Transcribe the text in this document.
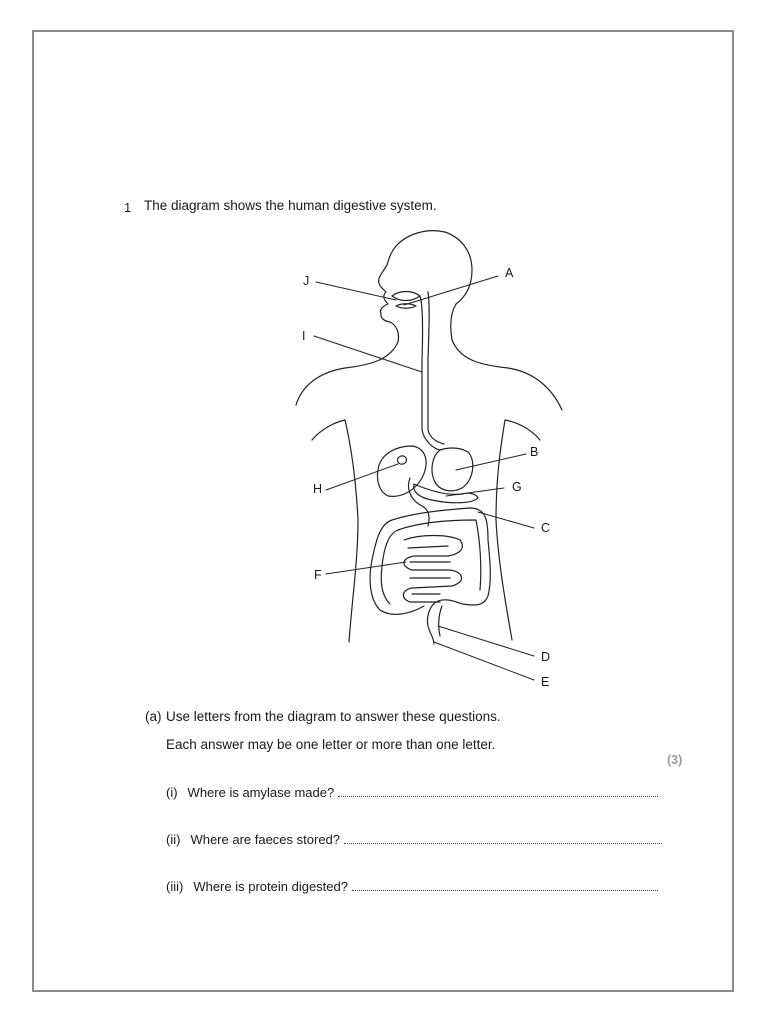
1 The diagram shows the human digestive system.
J
A
I
B
H	G
C
F
D
E
(a) Use letters from the diagram to answer these questions.
Each answer may be one letter or more than one letter.
(3)
(i) Where is amylase made?
(ii) Where are faeces stored?
(iii) Where is protein digested?
